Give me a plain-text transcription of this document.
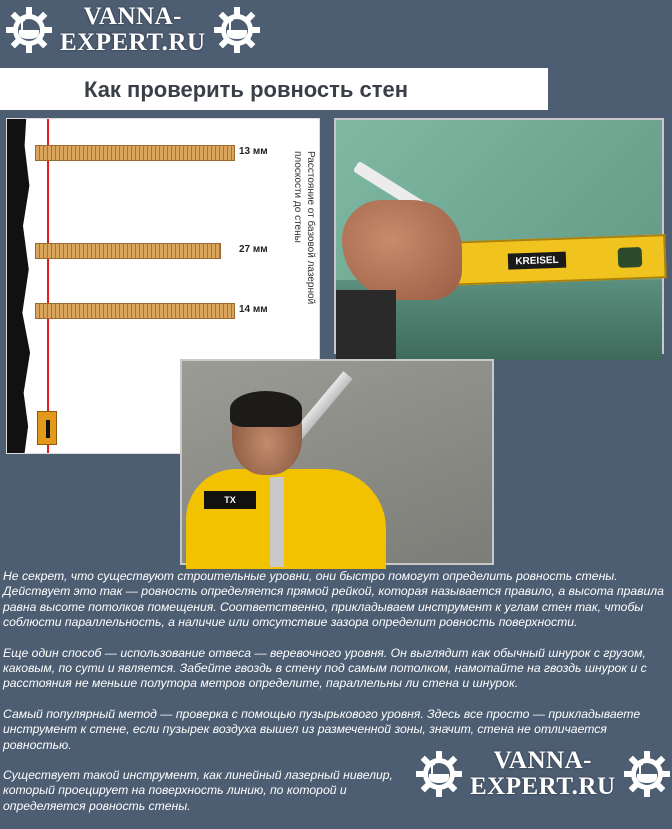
VANNA-
EXPERT.RU
Как проверить ровность стен
13 мм
27 мм
14 мм
Расстояние от базовой лазерной плоскости до стены
KREISEL
TX

Не секрет, что существуют строительные уровни, они быстро помогут определить ровность стены. Действует это так — ровность определяется прямой рейкой, которая называется правило, а высота правила равна высоте потолков помещения. Соответственно, прикладываем инструмент к углам стен так, чтобы соблюсти параллельность, а наличие или отсутствие зазора определит ровность поверхности.

Еще один способ — использование отвеса — веревочного уровня. Он выглядит как обычный шнурок с грузом, каковым, по сути и является. Забейте гвоздь в стену под самым потолком, намотайте на гвоздь шнурок и с расстояния не меньше полутора метров определите, параллельны ли стена и шнурок.

Самый популярный метод — проверка с помощью пузырькового уровня. Здесь все просто — прикладываете инструмент к стене, если пузырек воздуха вышел из размеченной зоны, значит, стена не отличается ровностью.

Существует такой инструмент, как линейный лазерный нивелир, который проецирует на поверхность линию, по которой и определяется ровность стены.

VANNA-
EXPERT.RU
